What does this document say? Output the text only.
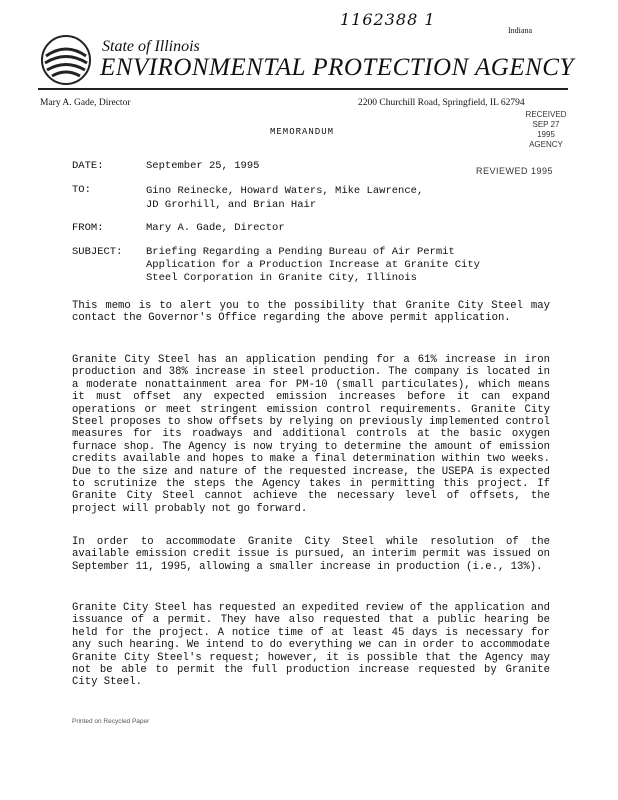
1162388 1
Indiana
State of Illinois
ENVIRONMENTAL PROTECTION AGENCY
Mary A. Gade, Director	2200 Churchill Road, Springfield, IL 62794
RECEIVED
SEP 27
1995
AGENCY
REVIEWED 1995
MEMORANDUM
DATE:	September 25, 1995
TO:	Gino Reinecke, Howard Waters, Mike Lawrence,
JD Grorhill, and Brian Hair
FROM:	Mary A. Gade, Director
SUBJECT: Briefing Regarding a Pending Bureau of Air Permit
Application for a Production Increase at Granite City
Steel Corporation in Granite City, Illinois

This memo is to alert you to the possibility that Granite City Steel may contact the Governor's Office regarding the above permit application.

Granite City Steel has an application pending for a 61% increase in iron production and 38% increase in steel production. The company is located in a moderate nonattainment area for PM-10 (small particulates), which means it must offset any expected emission increases before it can expand operations or meet stringent emission control requirements. Granite City Steel proposes to show offsets by relying on previously implemented control measures for its roadways and additional controls at the basic oxygen furnace shop. The Agency is now trying to determine the amount of emission credits available and hopes to make a final determination within two weeks. Due to the size and nature of the requested increase, the USEPA is expected to scrutinize the steps the Agency takes in permitting this project. If Granite City Steel cannot achieve the necessary level of offsets, the project will probably not go forward.

In order to accommodate Granite City Steel while resolution of the available emission credit issue is pursued, an interim permit was issued on September 11, 1995, allowing a smaller increase in production (i.e., 13%).

Granite City Steel has requested an expedited review of the application and issuance of a permit. They have also requested that a public hearing be held for the project. A notice time of at least 45 days is necessary for any such hearing. We intend to do everything we can in order to accommodate Granite City Steel's request; however, it is possible that the Agency may not be able to permit the full production increase requested by Granite City Steel.

Printed on Recycled Paper
